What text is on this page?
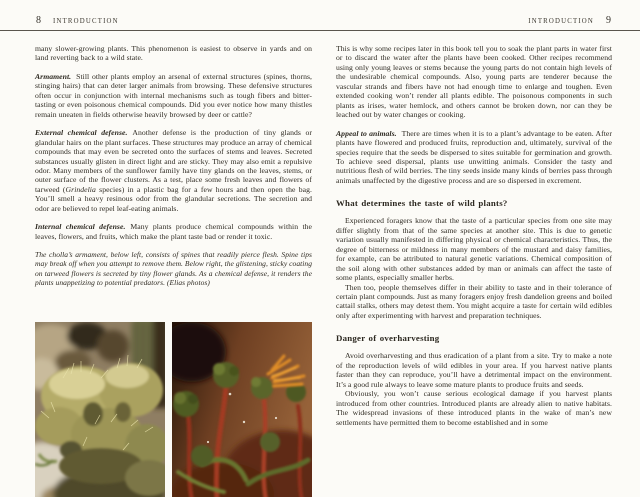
8 INTRODUCTION	INTRODUCTION 9

many slower-growing plants. This phenomenon is easiest to observe in yards and on land reverting back to a wild state.

Armament. Still other plants employ an arsenal of external structures (spines, thorns, stinging hairs) that can deter larger animals from browsing. These defensive structures often occur in conjunction with internal mechanisms such as tough fibers and bitter-tasting or even poisonous chemical compounds. Did you ever notice how many thistles remain uneaten in fields otherwise heavily browsed by deer or cattle?

External chemical defense. Another defense is the production of tiny glands or glandular hairs on the plant surfaces. These structures may produce an array of chemical compounds that may even be secreted onto the surfaces of stems and leaves. Secreted substances usually glisten in direct light and are sticky. They may also emit a repulsive odor. Many members of the sunflower family have tiny glands on the leaves, stems, or outer surface of the flower clusters. As a test, place some fresh leaves and flowers of tarweed (Grindelia species) in a plastic bag for a few hours and then open the bag. You’ll smell a heavy resinous odor from the glandular secretions. The secretion and odor are believed to repel leaf-eating animals.

Internal chemical defense. Many plants produce chemical compounds within the leaves, flowers, and fruits, which make the plant taste bad or render it toxic.

The cholla’s armament, below left, consists of spines that readily pierce flesh. Spine tips may break off when you attempt to remove them. Below right, the glistening, sticky coating on tarweed flowers is secreted by tiny flower glands. As a chemical defense, it renders the plants unappetizing to potential predators. (Elias photos)

This is why some recipes later in this book tell you to soak the plant parts in water first or to discard the water after the plants have been cooked. Other recipes recommend using only young leaves or stems because the young parts do not contain high levels of the undesirable chemical compounds. Also, young parts are tenderer because the vascular strands and fibers have not had enough time to enlarge and toughen. Even extended cooking won’t render all plants edible. The poisonous components in such plants as irises, water hemlock, and others cannot be broken down, nor can they be leached out by water changes or cooking.

Appeal to animals. There are times when it is to a plant’s advantage to be eaten. After plants have flowered and produced fruits, reproduction and, ultimately, survival of the species require that the seeds be dispersed to sites suitable for germination and growth. To achieve seed dispersal, plants use unwitting animals. Consider the tasty and nutritious flesh of wild berries. The tiny seeds inside many kinds of berries pass through animals unaffected by the digestive process and are so dispersed in excrement.

What determines the taste of wild plants?

Experienced foragers know that the taste of a particular species from one site may differ slightly from that of the same species at another site. This is due to genetic variation usually manifested in differing physical or chemical characteristics. Thus, the degree of bitterness or mildness in many members of the mustard and daisy families, for example, can be attributed to natural genetic variations. Chemical composition of the soil along with other substances added by man or animals can affect the taste of some plants, especially smaller herbs.

Then too, people themselves differ in their ability to taste and in their tolerance of certain plant compounds. Just as many foragers enjoy fresh dandelion greens and boiled cattail stalks, others may detest them. You might acquire a taste for certain wild edibles only after experimenting with harvest and preparation techniques.

Danger of overharvesting

Avoid overharvesting and thus eradication of a plant from a site. Try to make a note of the reproduction levels of wild edibles in your area. If you harvest native plants faster than they can reproduce, you’ll have a detrimental impact on the environment. It’s a good rule always to leave some mature plants to produce fruits and seeds.

Obviously, you won’t cause serious ecological damage if you harvest plants introduced from other countries. Introduced plants are already alien to native habitats. The widespread invasions of these introduced plants in the wake of man’s new settlements have permitted them to become established and in some
